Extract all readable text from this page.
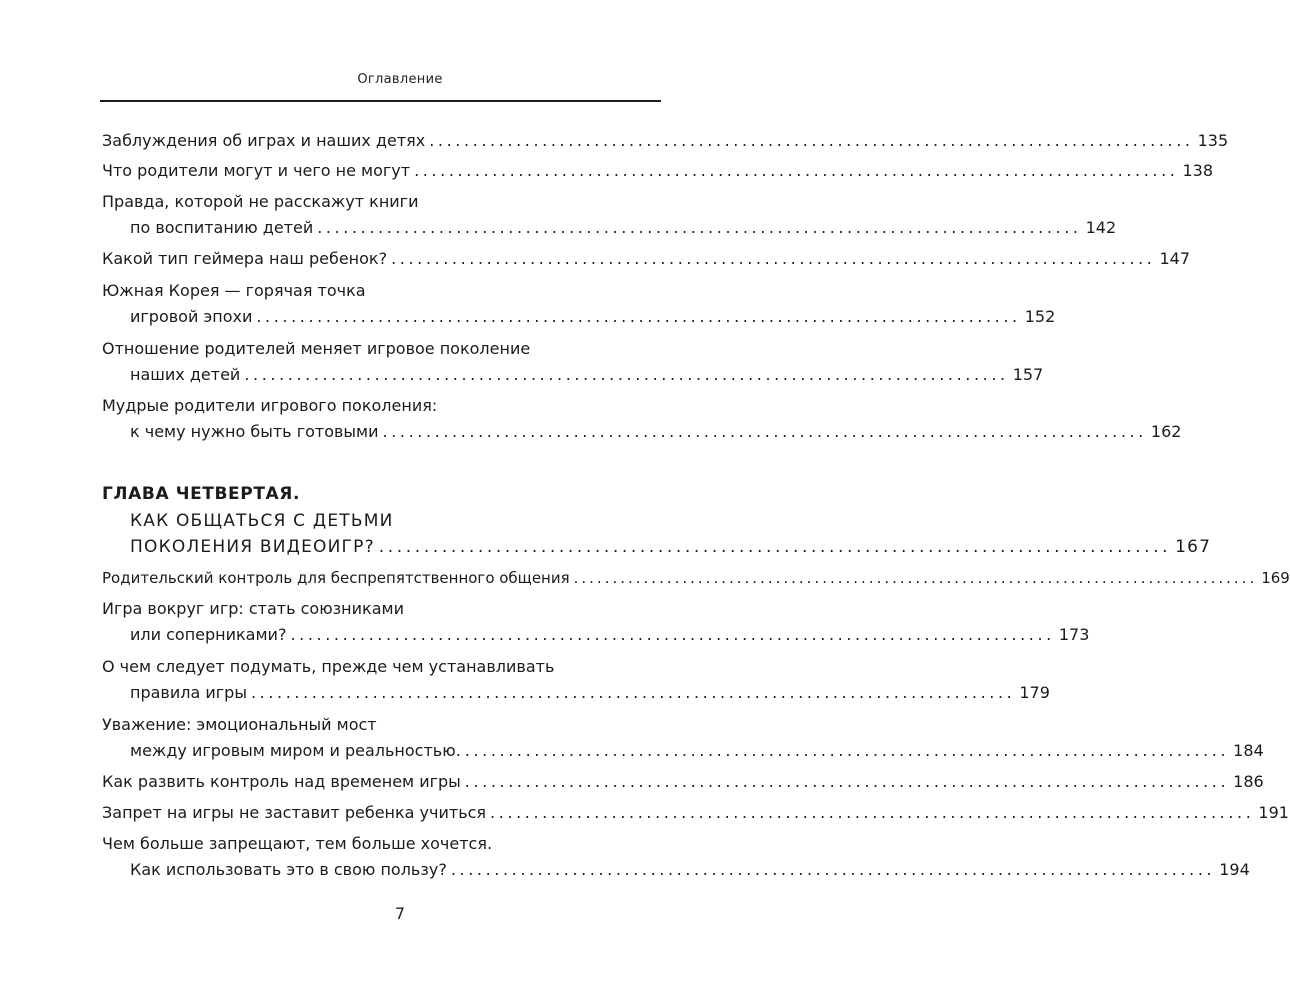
Оглавление
Заблуждения об играх и наших детях ........................................................................................ 135
Что родители могут и чего не могут ........................................................................................ 138
Правда, которой не расскажут книги
по воспитанию детей ........................................................................................ 142
Какой тип геймера наш ребенок? ........................................................................................ 147
Южная Корея — горячая точка
игровой эпохи ........................................................................................ 152
Отношение родителей меняет игровое поколение
наших детей ........................................................................................ 157
Мудрые родители игрового поколения:
к чему нужно быть готовыми ........................................................................................ 162
ГЛАВА ЧЕТВЕРТАЯ.
КАК ОБЩАТЬСЯ С ДЕТЬМИ
ПОКОЛЕНИЯ ВИДЕОИГР? ........................................................................................ 167
Родительский контроль для беспрепятственного общения ........................................................................................ 169
Игра вокруг игр: стать союзниками
или соперниками? ........................................................................................ 173
О чем следует подумать, прежде чем устанавливать
правила игры ........................................................................................ 179
Уважение: эмоциональный мост
между игровым миром и реальностью. ........................................................................................ 184
Как развить контроль над временем игры ........................................................................................ 186
Запрет на игры не заставит ребенка учиться ........................................................................................ 191
Чем больше запрещают, тем больше хочется.
Как использовать это в свою пользу? ........................................................................................ 194
7
